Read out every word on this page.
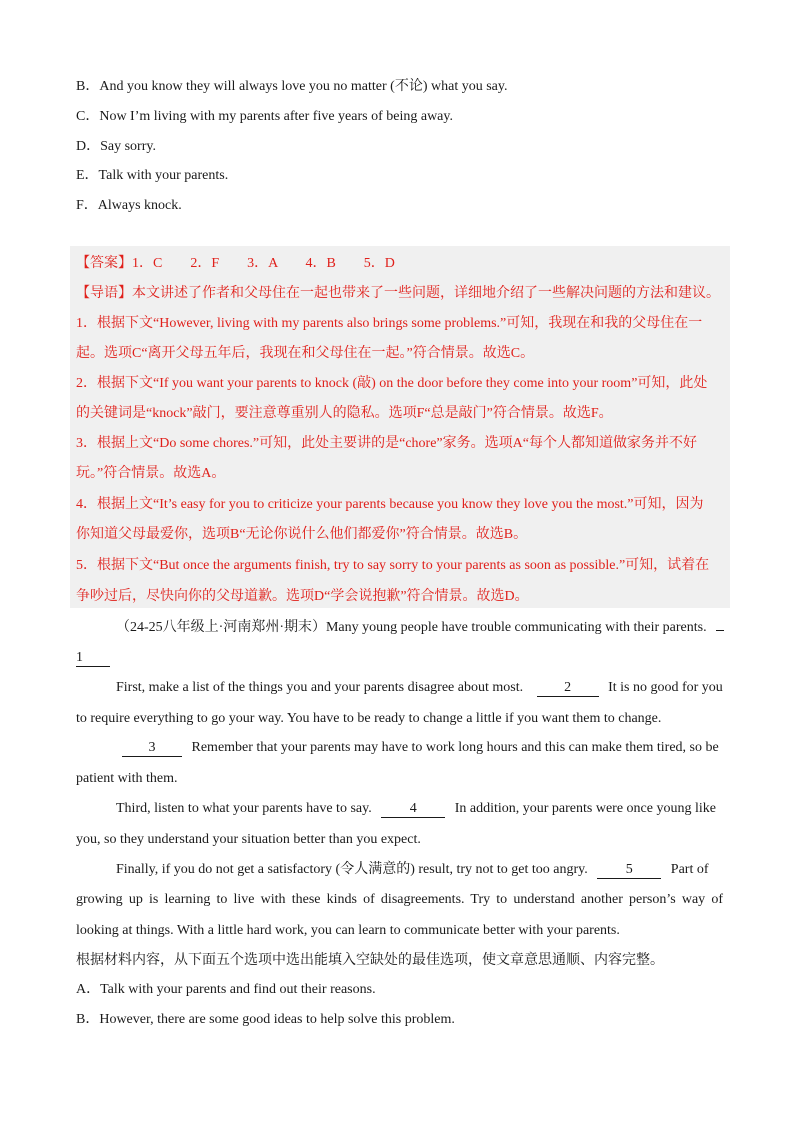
B．And you know they will always love you no matter (不论) what you say.
C．Now I’m living with my parents after five years of being away.
D．Say sorry.
E．Talk with your parents.
F．Always knock.
【答案】1．C　　2．F　　3．A　　4．B　　5．D
【导语】本文讲述了作者和父母住在一起也带来了一些问题，详细地介绍了一些解决问题的方法和建议。
1．根据下文“However, living with my parents also brings some problems.”可知，我现在和我的父母住在一
起。选项C“离开父母五年后，我现在和父母住在一起。”符合情景。故选C。
2．根据下文“If you want your parents to knock (敲) on the door before they come into your room”可知，此处
的关键词是“knock”敲门，要注意尊重别人的隐私。选项F“总是敲门”符合情景。故选F。
3．根据上文“Do some chores.”可知，此处主要讲的是“chore”家务。选项A“每个人都知道做家务并不好
玩。”符合情景。故选A。
4．根据上文“It’s easy for you to criticize your parents because you know they love you the most.”可知，因为
你知道父母最爱你，选项B“无论你说什么他们都爱你”符合情景。故选B。
5．根据下文“But once the arguments finish, try to say sorry to your parents as soon as possible.”可知，试着在
争吵过后，尽快向你的父母道歉。选项D“学会说抱歉”符合情景。故选D。
（24-25八年级上·河南郑州·期末）Many young people have trouble communicating with their parents.
1
First, make a list of the things you and your parents disagree about most.	2	It is no good for you
to require everything to go your way. You have to be ready to change a little if you want them to change.
3	Remember that your parents may have to work long hours and this can make them tired, so be
patient with them.
Third, listen to what your parents have to say.	4	In addition, your parents were once young like
you, so they understand your situation better than you expect.
Finally, if you do not get a satisfactory (令人满意的) result, try not to get too angry.	5	Part of
growing up is learning to live with these kinds of disagreements. Try to understand another person’s way of
looking at things. With a little hard work, you can learn to communicate better with your parents.
根据材料内容，从下面五个选项中选出能填入空缺处的最佳选项，使文章意思通顺、内容完整。
A．Talk with your parents and find out their reasons.
B．However, there are some good ideas to help solve this problem.
